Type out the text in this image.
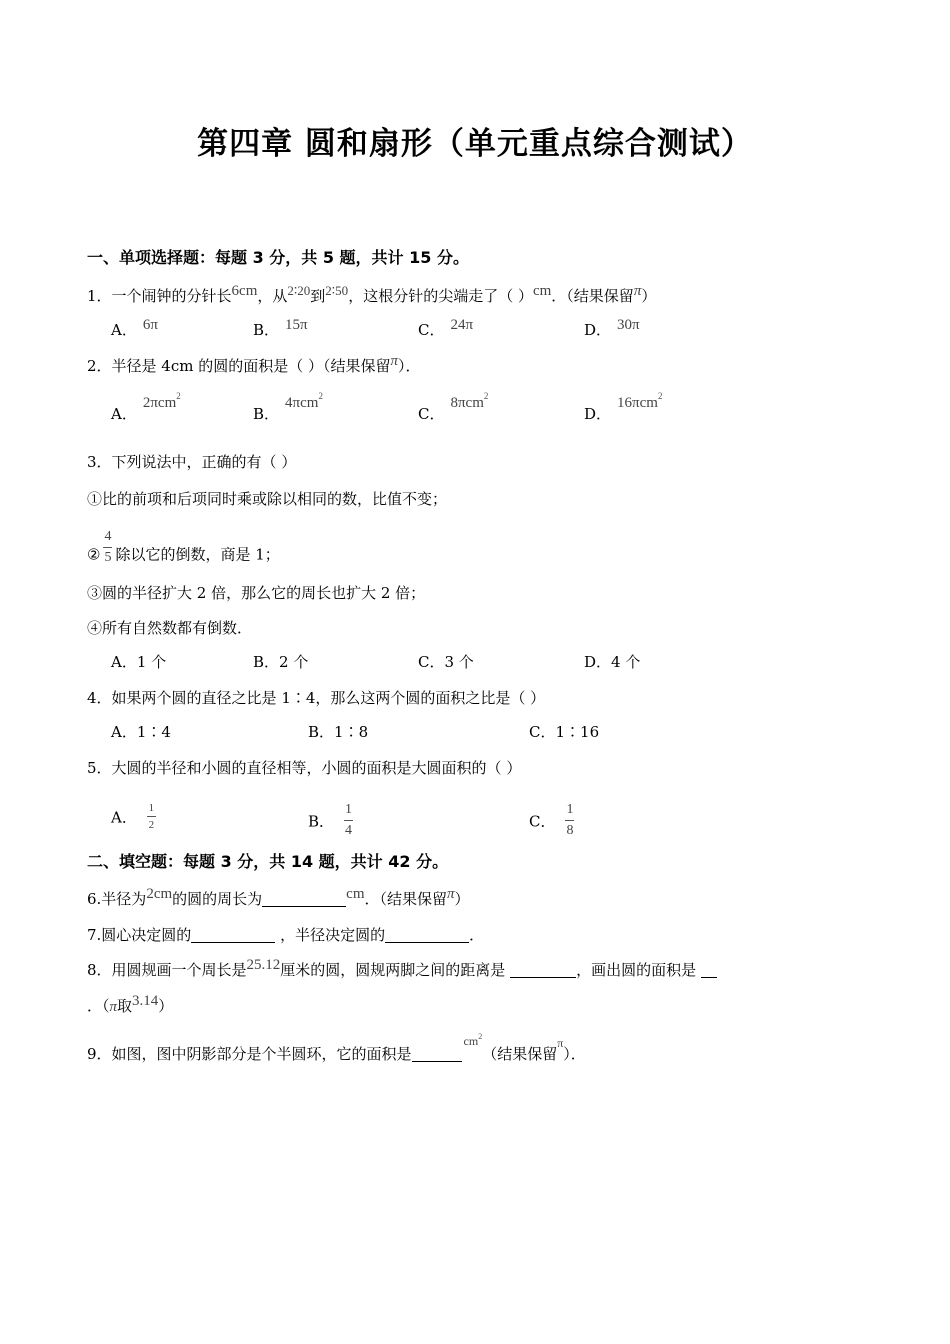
第四章 圆和扇形（单元重点综合测试）
一、单项选择题：每题 3 分，共 5 题，共计 15 分。
1．一个闹钟的分针长6cm，从2∶20到2∶50，这根分针的尖端走了（ ）cm．（结果保留π）
A． 6π	B． 15π	C． 24π	D． 30π
2．半径是 4cm 的圆的面积是（ ）（结果保留π）．
A．2πcm$^2$
B．4πcm$^2$
C．8πcm$^2$
D．16πcm$^2$
3．下列说法中，正确的有（ ）
①比的前项和后项同时乘或除以相同的数，比值不变；
② $\frac{4}{5}$ 除以它的倒数，商是 1；
③圆的半径扩大 2 倍，那么它的周长也扩大 2 倍；
④所有自然数都有倒数．
A．1 个	B．2 个	C．3 个	D．4 个
4．如果两个圆的直径之比是 1∶4，那么这两个圆的面积之比是（ ）
A．1∶4	B．1∶8	C．1∶16
5．大圆的半径和小圆的直径相等，小圆的面积是大圆面积的（ ）
A． $\frac{1}{2}$	B． $\frac{1}{4}$	C． $\frac{1}{8}$
二、填空题：每题 3 分，共 14 题，共计 42 分。
6.半径为2cm的圆的周长为	cm．（结果保留π）
7.圆心决定圆的	，半径决定圆的	．
8．用圆规画一个周长是25.12厘米的圆，圆规两脚之间的距离是	，画出圆的面积是
．（π取3.14）
9．如图，图中阴影部分是个半圆环，它的面积是$^{cm2}$（结果保留$^\pi$）．
